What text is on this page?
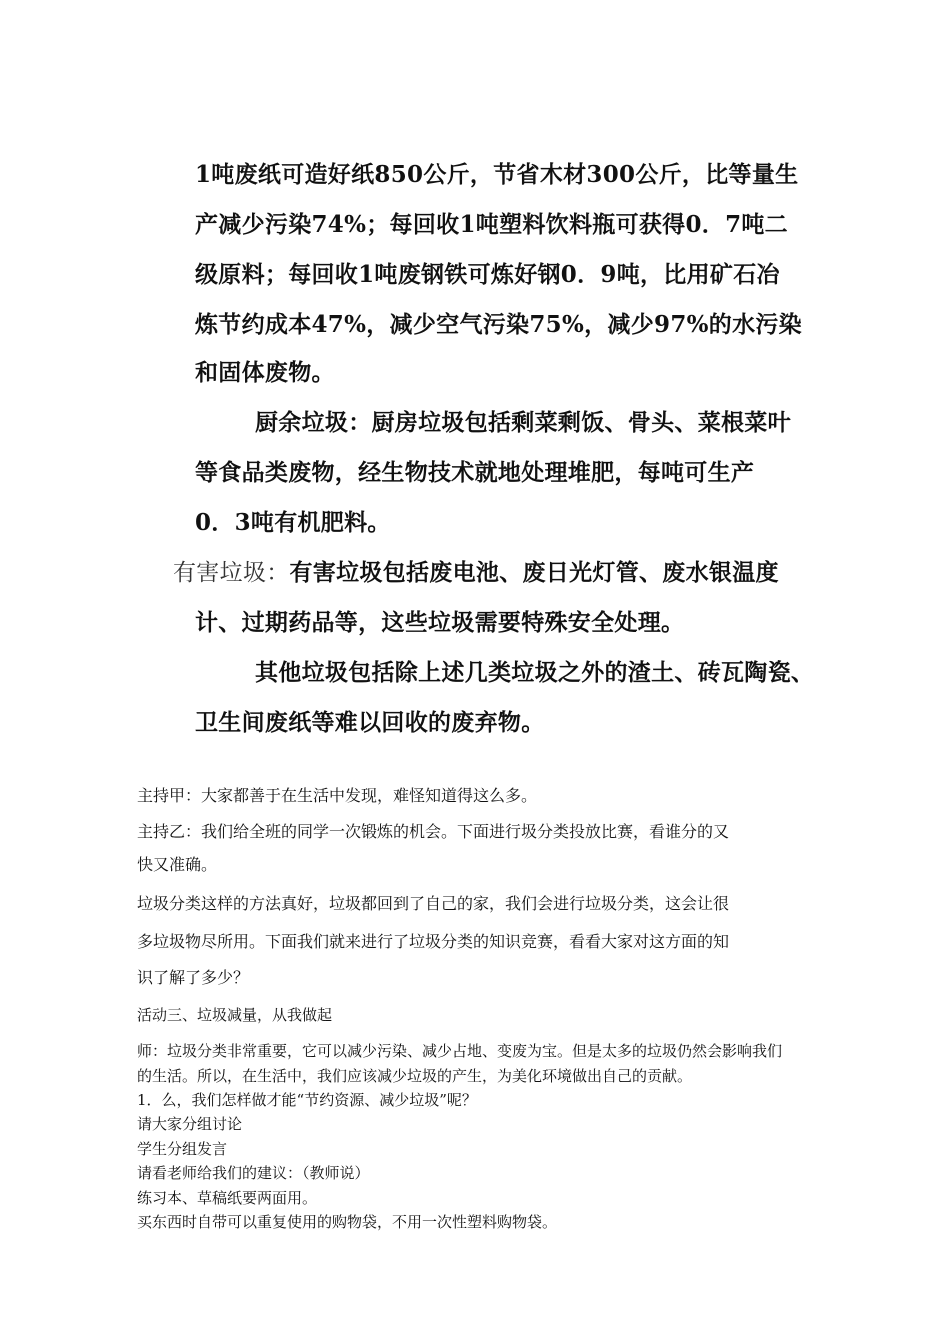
1吨废纸可造好纸850公斤，节省木材300公斤，比等量生
产减少污染74%；每回收1吨塑料饮料瓶可获得0．7吨二
级原料；每回收1吨废钢铁可炼好钢0．9吨，比用矿石冶
炼节约成本47%，减少空气污染75%，减少97%的水污染
和固体废物。
厨余垃圾：厨房垃圾包括剩菜剩饭、骨头、菜根菜叶
等食品类废物，经生物技术就地处理堆肥，每吨可生产
0．3吨有机肥料。
有害垃圾：有害垃圾包括废电池、废日光灯管、废水银温度
计、过期药品等，这些垃圾需要特殊安全处理。
其他垃圾包括除上述几类垃圾之外的渣土、砖瓦陶瓷、
卫生间废纸等难以回收的废弃物。
主持甲：大家都善于在生活中发现，难怪知道得这么多。
主持乙：我们给全班的同学一次锻炼的机会。下面进行圾分类投放比赛，看谁分的又
快又准确。
垃圾分类这样的方法真好，垃圾都回到了自己的家，我们会进行垃圾分类，这会让很
多垃圾物尽所用。下面我们就来进行了垃圾分类的知识竞赛，看看大家对这方面的知
识了解了多少？
活动三、垃圾减量，从我做起
师：垃圾分类非常重要，它可以减少污染、减少占地、变废为宝。但是太多的垃圾仍然会影响我们
的生活。所以，在生活中，我们应该减少垃圾的产生，为美化环境做出自己的贡献。
1．么，我们怎样做才能“节约资源、减少垃圾”呢？
请大家分组讨论
学生分组发言
请看老师给我们的建议：（教师说）
练习本、草稿纸要两面用。
买东西时自带可以重复使用的购物袋，不用一次性塑料购物袋。
